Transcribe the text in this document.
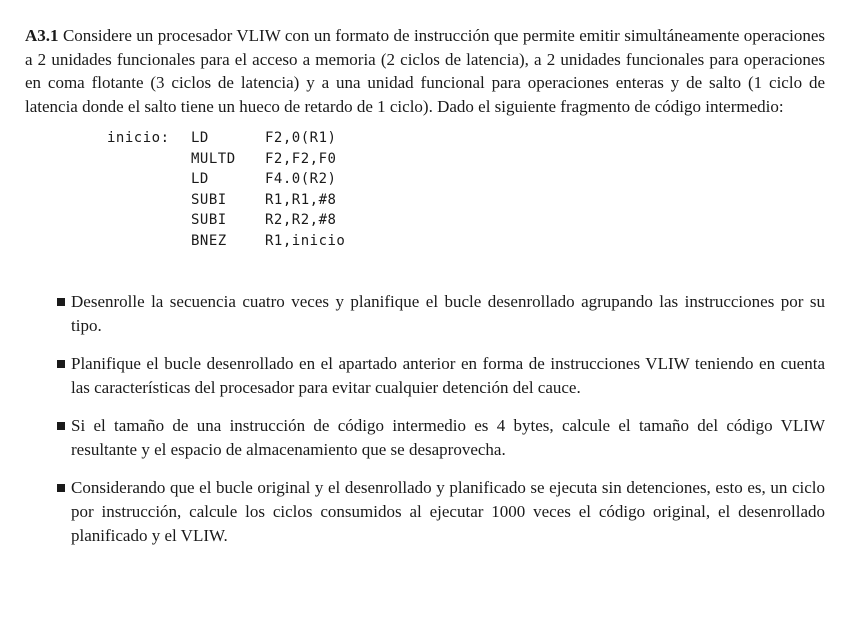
A3.1 Considere un procesador VLIW con un formato de instrucción que permite emitir simultáneamente operaciones a 2 unidades funcionales para el acceso a memoria (2 ciclos de latencia), a 2 unidades funcionales para operaciones en coma flotante (3 ciclos de latencia) y a una unidad funcional para operaciones enteras y de salto (1 ciclo de latencia donde el salto tiene un hueco de retardo de 1 ciclo). Dado el siguiente fragmento de código intermedio:

inicio:	LD	F2,0(R1)
MULTD	F2,F2,F0
LD	F4.0(R2)
SUBI	R1,R1,#8
SUBI	R2,R2,#8
BNEZ	R1,inicio
Desenrolle la secuencia cuatro veces y planifique el bucle desenrollado agrupando las instrucciones por su tipo.
Planifique el bucle desenrollado en el apartado anterior en forma de instrucciones VLIW teniendo en cuenta las características del procesador para evitar cualquier detención del cauce.
Si el tamaño de una instrucción de código intermedio es 4 bytes, calcule el tamaño del código VLIW resultante y el espacio de almacenamiento que se desaprovecha.
Considerando que el bucle original y el desenrollado y planificado se ejecuta sin detenciones, esto es, un ciclo por instrucción, calcule los ciclos consumidos al ejecutar 1000 veces el código original, el desenrollado planificado y el VLIW.
